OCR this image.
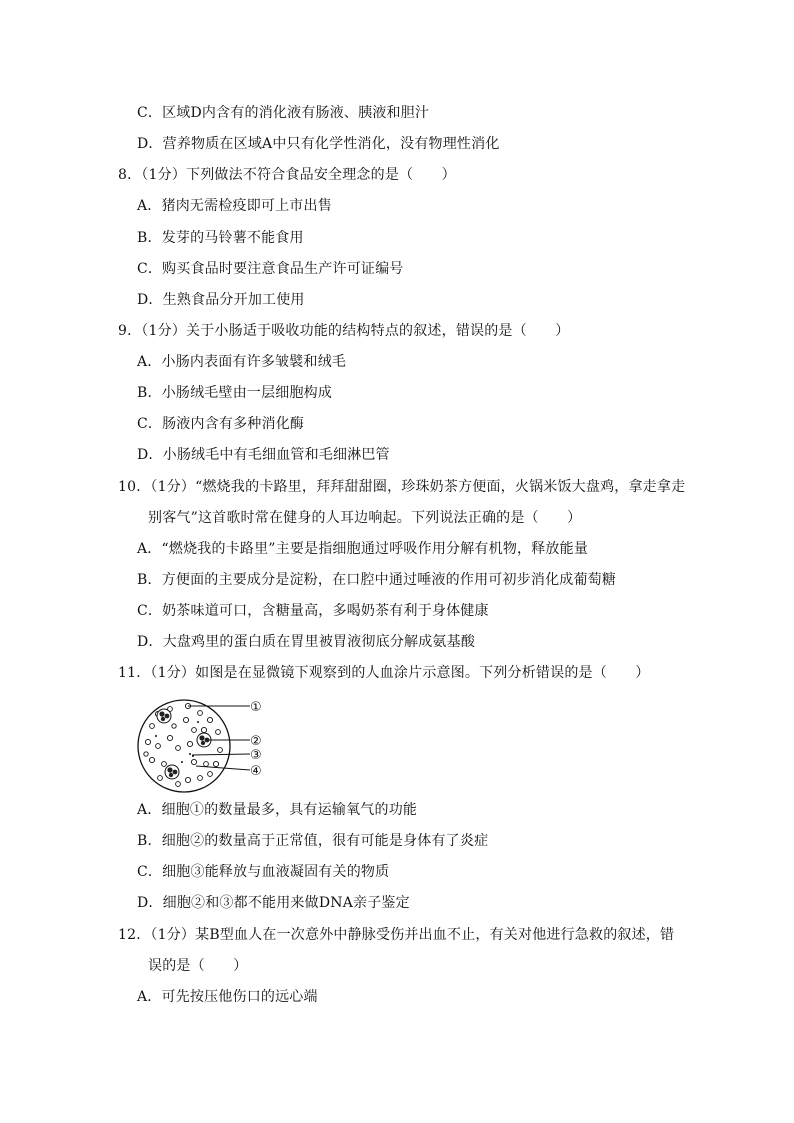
C．区域D内含有的消化液有肠液、胰液和胆汁
D．营养物质在区域A中只有化学性消化，没有物理性消化
8．（1分）下列做法不符合食品安全理念的是（　　）
A．猪肉无需检疫即可上市出售
B．发芽的马铃薯不能食用
C．购买食品时要注意食品生产许可证编号
D．生熟食品分开加工使用
9．（1分）关于小肠适于吸收功能的结构特点的叙述，错误的是（　　）
A．小肠内表面有许多皱襞和绒毛
B．小肠绒毛壁由一层细胞构成
C．肠液内含有多种消化酶
D．小肠绒毛中有毛细血管和毛细淋巴管
10．（1分）“燃烧我的卡路里，拜拜甜甜圈，珍珠奶茶方便面，火锅米饭大盘鸡，拿走拿走
别客气”这首歌时常在健身的人耳边响起。下列说法正确的是（　　）
A．“燃烧我的卡路里”主要是指细胞通过呼吸作用分解有机物，释放能量
B．方便面的主要成分是淀粉，在口腔中通过唾液的作用可初步消化成葡萄糖
C．奶茶味道可口，含糖量高，多喝奶茶有利于身体健康
D．大盘鸡里的蛋白质在胃里被胃液彻底分解成氨基酸
11．（1分）如图是在显微镜下观察到的人血涂片示意图。下列分析错误的是（　　）
①
②
③
④
A．细胞①的数量最多，具有运输氧气的功能
B．细胞②的数量高于正常值，很有可能是身体有了炎症
C．细胞③能释放与血液凝固有关的物质
D．细胞②和③都不能用来做DNA亲子鉴定
12．（1分）某B型血人在一次意外中静脉受伤并出血不止，有关对他进行急救的叙述，错
误的是（　　）
A．可先按压他伤口的远心端
